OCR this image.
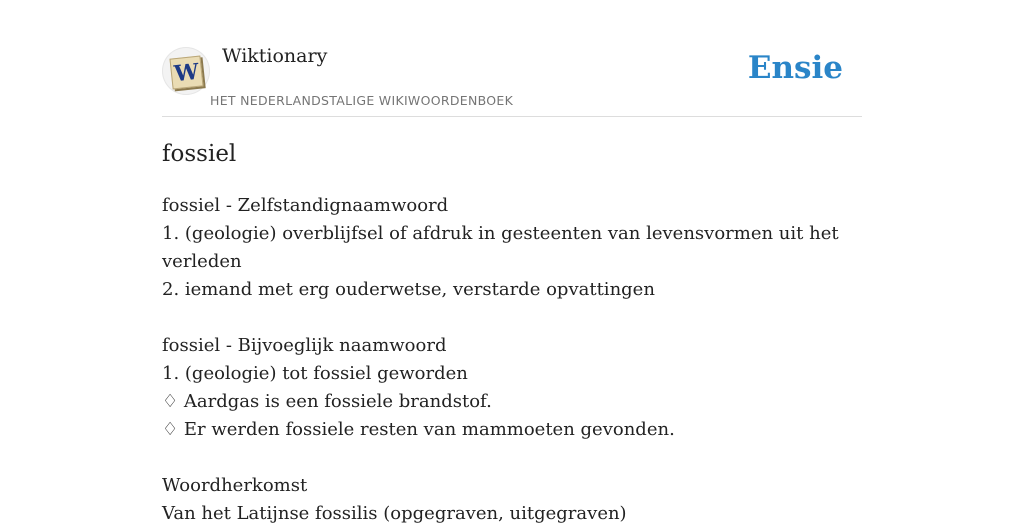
W
Wiktionary
HET NEDERLANDSTALIGE WIKIWOORDENBOEK
Ensie
fossiel
fossiel - Zelfstandignaamwoord
1. (geologie) overblijfsel of afdruk in gesteenten van levensvormen uit het verleden
2. iemand met erg ouderwetse, verstarde opvattingen
fossiel - Bijvoeglijk naamwoord
1. (geologie) tot fossiel geworden
♢ Aardgas is een fossiele brandstof.
♢ Er werden fossiele resten van mammoeten gevonden.
Woordherkomst
Van het Latijnse fossilis (opgegraven, uitgegraven)
